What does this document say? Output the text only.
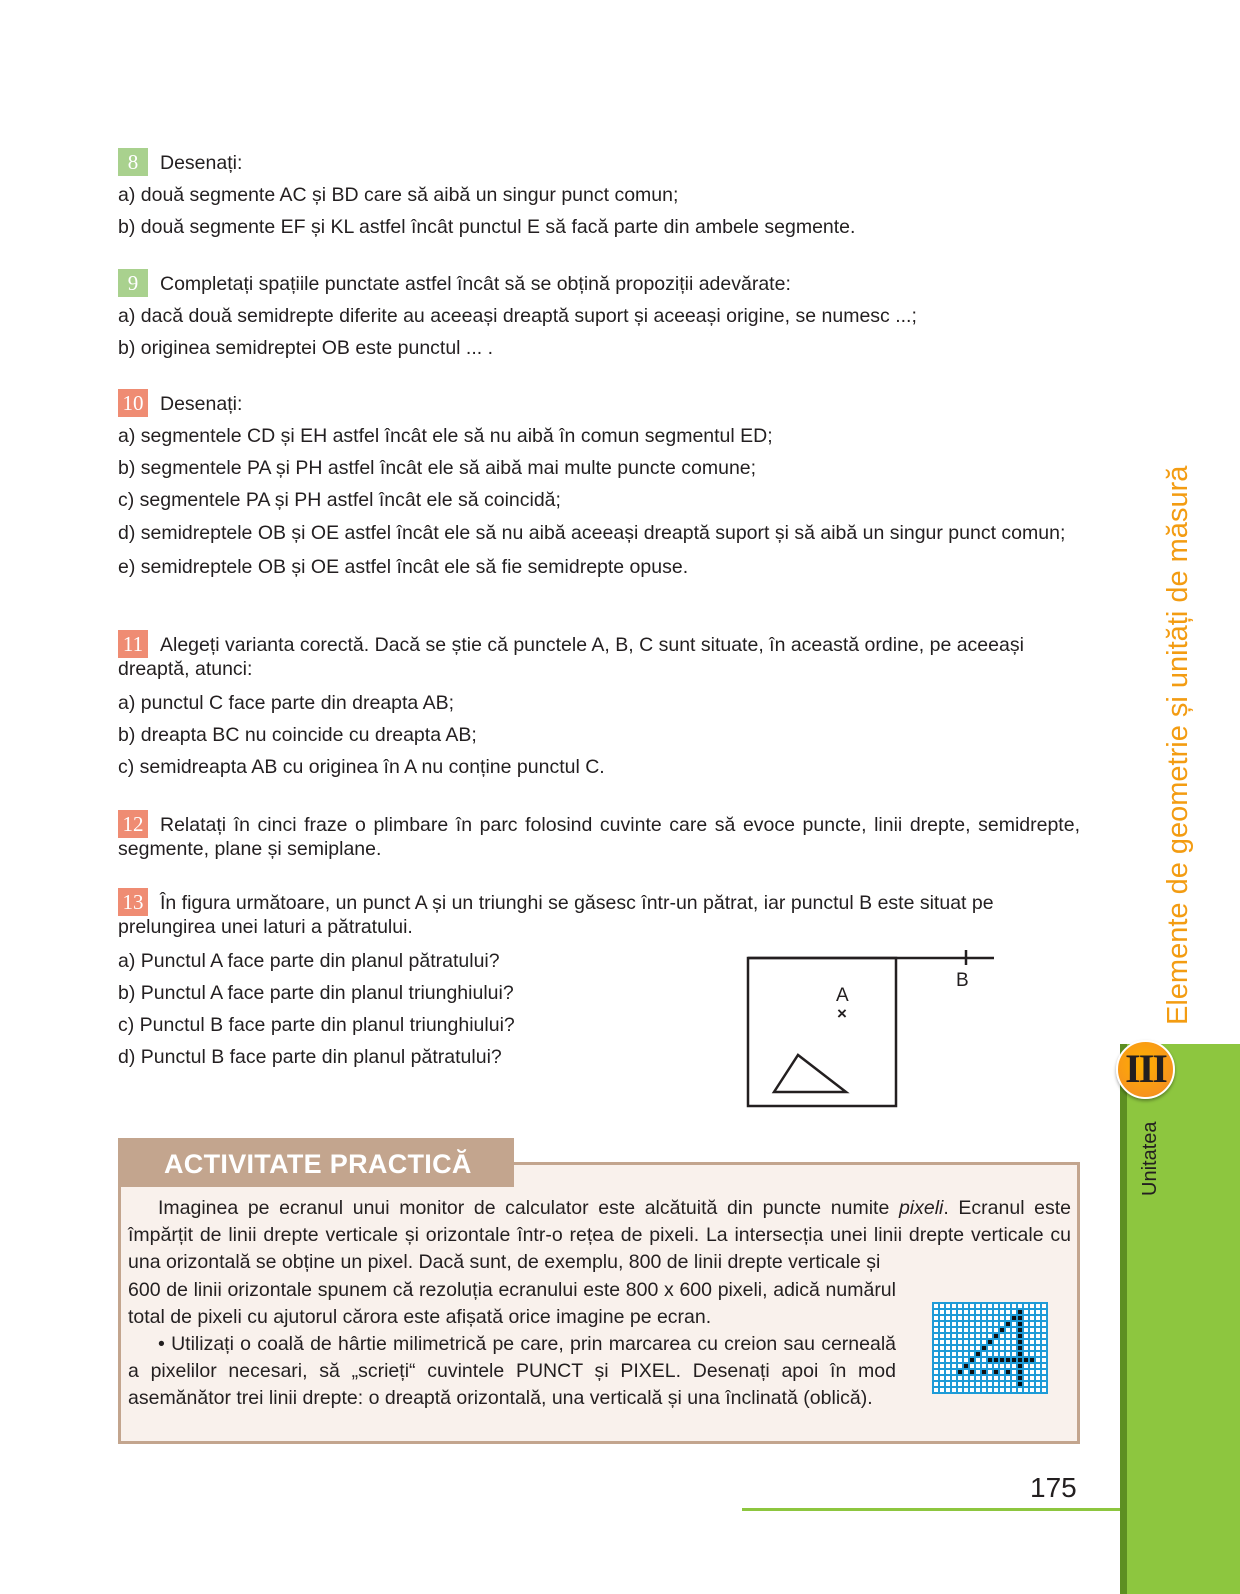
8 Desenați:

a) două segmente AC și BD care să aibă un singur punct comun;

b) două segmente EF și KL astfel încât punctul E să facă parte din ambele segmente.

9 Completați spațiile punctate astfel încât să se obțină propoziții adevărate:

a) dacă două semidrepte diferite au aceeași dreaptă suport și aceeași origine, se numesc ...;

b) originea semidreptei OB este punctul ... .

10 Desenați:

a) segmentele CD și EH astfel încât ele să nu aibă în comun segmentul ED;

b) segmentele PA și PH astfel încât ele să aibă mai multe puncte comune;

c) segmentele PA și PH astfel încât ele să coincidă;

d) semidreptele OB și OE astfel încât ele să nu aibă aceeași dreaptă suport și să aibă un singur punct comun;

e) semidreptele OB și OE astfel încât ele să fie semidrepte opuse.

11 Alegeți varianta corectă. Dacă se știe că punctele A, B, C sunt situate, în această ordine, pe aceeași dreaptă, atunci:

a) punctul C face parte din dreapta AB;

b) dreapta BC nu coincide cu dreapta AB;

c) semidreapta AB cu originea în A nu conține punctul C.

12 Relatați în cinci fraze o plimbare în parc folosind cuvinte care să evoce puncte, linii drepte, semidrepte, segmente, plane și semiplane.

13 În figura următoare, un punct A și un triunghi se găsesc într-un pătrat, iar punctul B este situat pe prelungirea unei laturi a pătratului.

a) Punctul A face parte din planul pătratului?

b) Punctul A face parte din planul triunghiului?

c) Punctul B face parte din planul triunghiului?

d) Punctul B face parte din planul pătratului?

B
A
×
ACTIVITATE PRACTICĂ

Imaginea pe ecranul unui monitor de calculator este alcătuită din puncte numite pixeli. Ecranul este împărțit de linii drepte verticale și orizontale într-o rețea de pixeli. La intersecția unei linii drepte verticale cu una orizontală se obține un pixel. Dacă sunt, de exemplu, 800 de linii drepte verticale și

600 de linii orizontale spunem că rezoluția ecranului este 800 x 600 pixeli, adică numărul total de pixeli cu ajutorul cărora este afișată orice imagine pe ecran.

• Utilizați o coală de hârtie milimetrică pe care, prin marcarea cu creion sau cerneală a pixelilor necesari, să „scrieți“ cuvintele PUNCT și PIXEL. Desenați apoi în mod asemănător trei linii drepte: o dreaptă orizontală, una verticală și una înclinată (oblică).

Elemente de geometrie și unități de măsură
Unitatea
III
175
